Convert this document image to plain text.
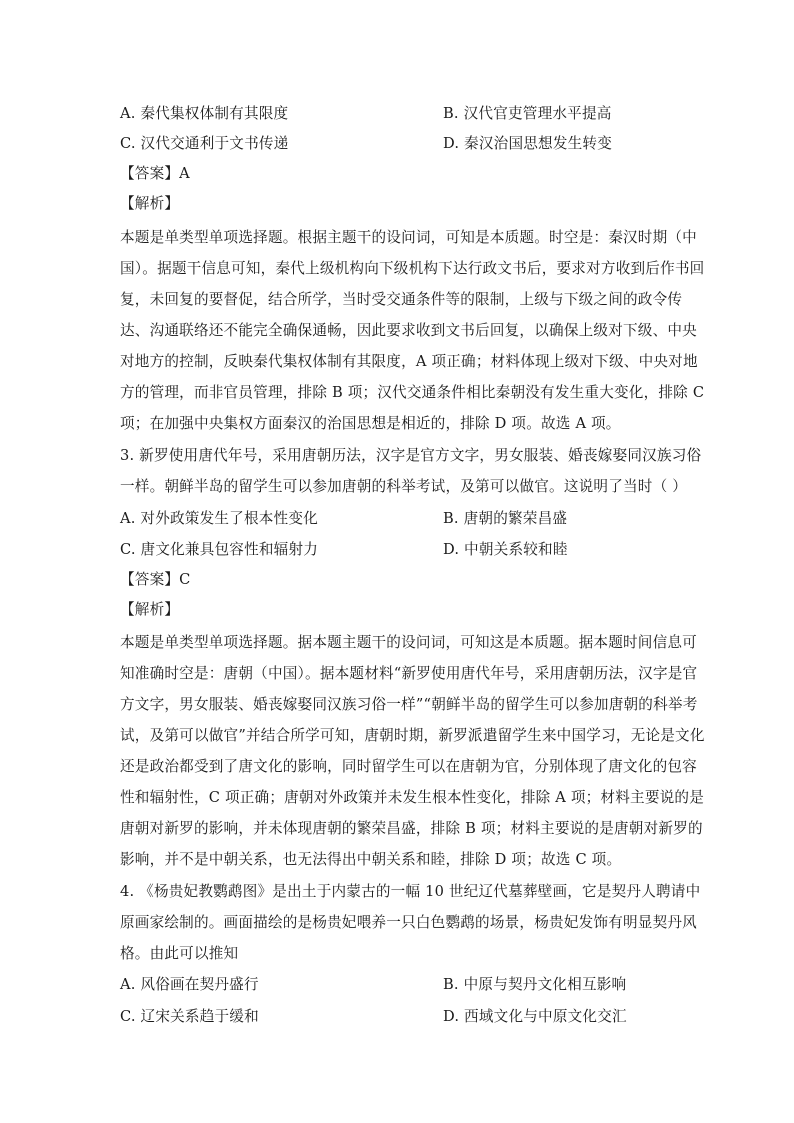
A. 秦代集权体制有其限度	B. 汉代官吏管理水平提高
C. 汉代交通利于文书传递	D. 秦汉治国思想发生转变
【答案】A
【解析】
本题是单类型单项选择题。根据主题干的设问词，可知是本质题。时空是：秦汉时期（中
国）。据题干信息可知，秦代上级机构向下级机构下达行政文书后，要求对方收到后作书回
复，未回复的要督促，结合所学，当时受交通条件等的限制，上级与下级之间的政令传
达、沟通联络还不能完全确保通畅，因此要求收到文书后回复，以确保上级对下级、中央
对地方的控制，反映秦代集权体制有其限度，A 项正确；材料体现上级对下级、中央对地
方的管理，而非官员管理，排除 B 项；汉代交通条件相比秦朝没有发生重大变化，排除 C
项；在加强中央集权方面秦汉的治国思想是相近的，排除 D 项。故选 A 项。
3. 新罗使用唐代年号，采用唐朝历法，汉字是官方文字，男女服装、婚丧嫁娶同汉族习俗
一样。朝鲜半岛的留学生可以参加唐朝的科举考试，及第可以做官。这说明了当时（ ）
A. 对外政策发生了根本性变化	B. 唐朝的繁荣昌盛
C. 唐文化兼具包容性和辐射力	D. 中朝关系较和睦
【答案】C
【解析】
本题是单类型单项选择题。据本题主题干的设问词，可知这是本质题。据本题时间信息可
知准确时空是：唐朝（中国）。据本题材料“新罗使用唐代年号，采用唐朝历法，汉字是官
方文字，男女服装、婚丧嫁娶同汉族习俗一样”“朝鲜半岛的留学生可以参加唐朝的科举考
试，及第可以做官”并结合所学可知，唐朝时期，新罗派遣留学生来中国学习，无论是文化
还是政治都受到了唐文化的影响，同时留学生可以在唐朝为官，分别体现了唐文化的包容
性和辐射性，C 项正确；唐朝对外政策并未发生根本性变化，排除 A 项；材料主要说的是
唐朝对新罗的影响，并未体现唐朝的繁荣昌盛，排除 B 项；材料主要说的是唐朝对新罗的
影响，并不是中朝关系，也无法得出中朝关系和睦，排除 D 项；故选 C 项。
4. 《杨贵妃教鹦鹉图》是出土于内蒙古的一幅 10 世纪辽代墓葬壁画，它是契丹人聘请中
原画家绘制的。画面描绘的是杨贵妃喂养一只白色鹦鹉的场景，杨贵妃发饰有明显契丹风
格。由此可以推知
A. 风俗画在契丹盛行	B. 中原与契丹文化相互影响
C. 辽宋关系趋于缓和	D. 西域文化与中原文化交汇
